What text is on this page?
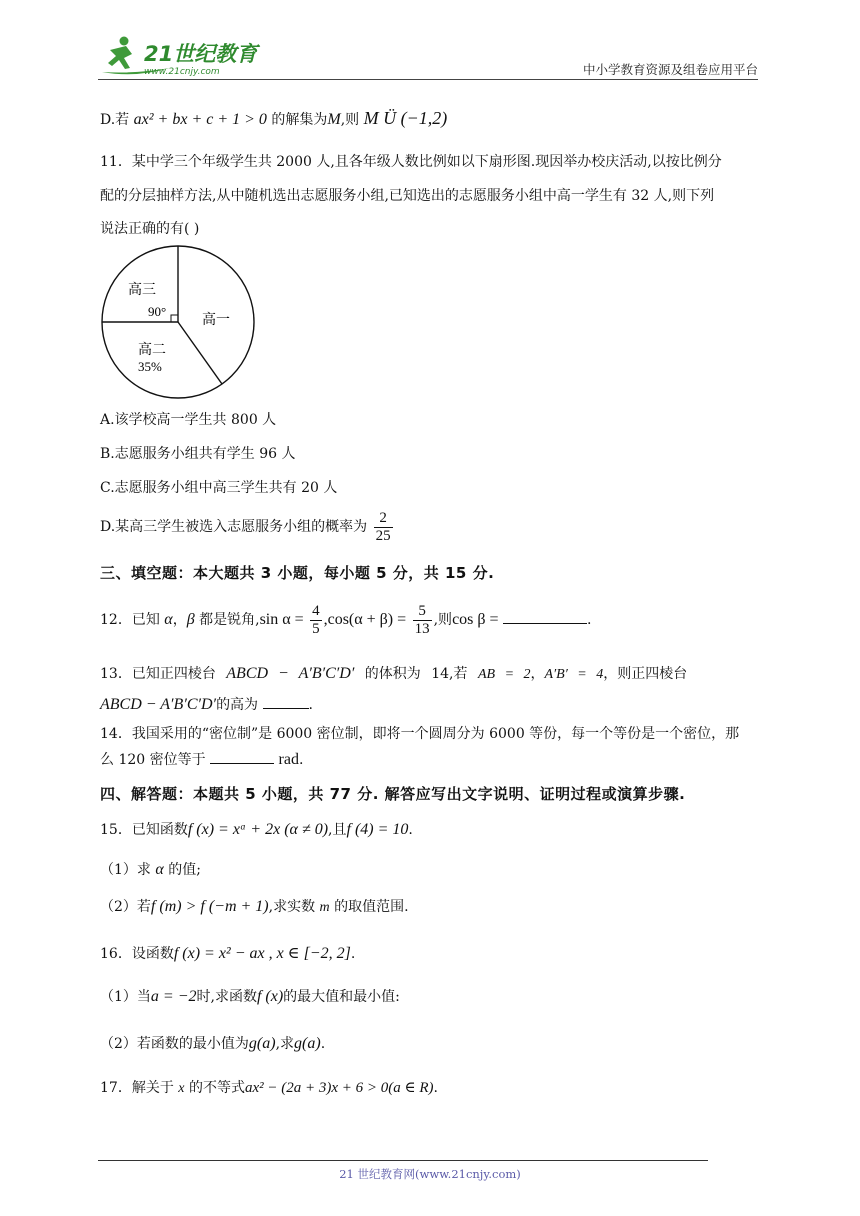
21世纪教育
www.21cnjy.com	中小学教育资源及组卷应用平台
D.若 ax² + bx + c + 1 > 0 的解集为M,则 M Ü (−1,2)
11．某中学三个年级学生共 2000 人,且各年级人数比例如以下扇形图.现因举办校庆活动,以按比例分
配的分层抽样方法,从中随机选出志愿服务小组,已知选出的志愿服务小组中高一学生有 32 人,则下列
说法正确的有( )
高三
90°
高一
高二
35%
A.该学校高一学生共 800 人
B.志愿服务小组共有学生 96 人
C.志愿服务小组中高三学生共有 20 人
D.某高三学生被选入志愿服务小组的概率为 $\frac{2}{25}$
三、填空题：本大题共 3 小题，每小题 5 分，共 15 分.
12．已知 α，β 都是锐角,sin $\alpha = \frac{4}{5} ,\cos(\alpha + \beta) = \frac{5}{13}$ ,则cos β =	.
13．已知正四棱台 ABCD − A′B′C′D′ 的体积为 14,若 AB = 2，A′B′ = 4，则正四棱台
ABCD − A′B′C′D′的高为	.
14．我国采用的“密位制”是 6000 密位制，即将一个圆周分为 6000 等份，每一个等份是一个密位，那
么 120 密位等于	rad.
四、解答题：本题共 5 小题，共 77 分. 解答应写出文字说明、证明过程或演算步骤.
15．已知函数f (x) = xᵅ + 2x (α ≠ 0),且f (4) = 10.
（1）求 α 的值;
（2）若f (m) > f (−m + 1),求实数 m 的取值范围.
16．设函数f (x) = x² − ax , x ∈ [−2, 2].
（1）当a = −2时,求函数f (x)的最大值和最小值:
（2）若函数的最小值为g(a),求g(a).
17．解关于 x 的不等式ax² − (2a + 3)x + 6 > 0(a ∈ R).
21 世纪教育网(www.21cnjy.com)
